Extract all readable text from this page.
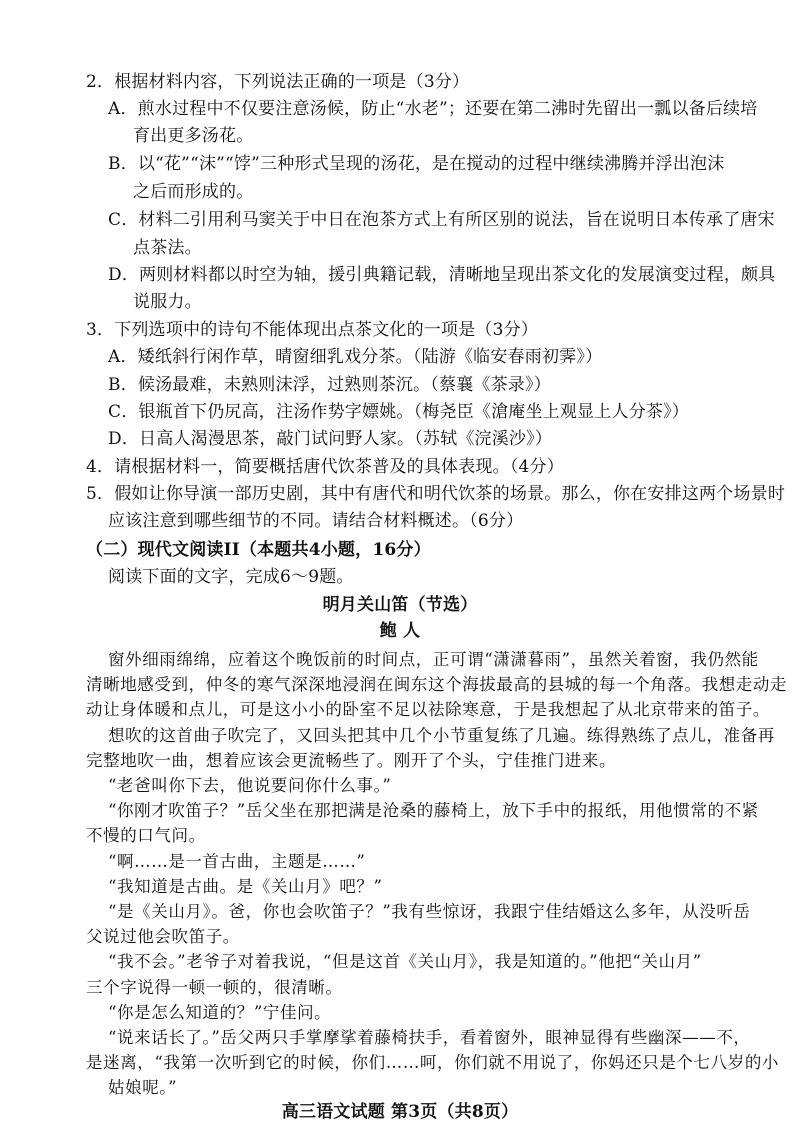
2．根据材料内容，下列说法正确的一项是（3分）
A．煎水过程中不仅要注意汤候，防止“水老”；还要在第二沸时先留出一瓢以备后续培
育出更多汤花。
B．以“花”“沫”“饽”三种形式呈现的汤花，是在搅动的过程中继续沸腾并浮出泡沫
之后而形成的。
C．材料二引用利马窦关于中日在泡茶方式上有所区别的说法，旨在说明日本传承了唐宋
点茶法。
D．两则材料都以时空为轴，援引典籍记载，清晰地呈现出茶文化的发展演变过程，颇具
说服力。
3．下列选项中的诗句不能体现出点茶文化的一项是（3分）
A．矮纸斜行闲作草，晴窗细乳戏分茶。（陆游《临安春雨初霁》）
B．候汤最难，未熟则沫浮，过熟则茶沉。（蔡襄《茶录》）
C．银瓶首下仍尻高，注汤作势字嫖姚。（梅尧臣《滄庵坐上观显上人分茶》）
D．日高人渴漫思茶，敲门试问野人家。（苏轼《浣溪沙》）
4．请根据材料一，简要概括唐代饮茶普及的具体表现。（4分）
5．假如让你导演一部历史剧，其中有唐代和明代饮茶的场景。那么，你在安排这两个场景时
应该注意到哪些细节的不同。请结合材料概述。（6分）
（二）现代文阅读II（本题共4小题，16分）
阅读下面的文字，完成6～9题。
明月关山笛（节选）
鲍 人
窗外细雨绵绵，应着这个晚饭前的时间点，正可谓“潇潇暮雨”，虽然关着窗，我仍然能
清晰地感受到，仲冬的寒气深深地浸润在闽东这个海拔最高的县城的每一个角落。我想走动走
动让身体暖和点儿，可是这小小的卧室不足以祛除寒意，于是我想起了从北京带来的笛子。
想吹的这首曲子吹完了，又回头把其中几个小节重复练了几遍。练得熟练了点儿，准备再
完整地吹一曲，想着应该会更流畅些了。刚开了个头，宁佳推门进来。
“老爸叫你下去，他说要问你什么事。”
“你刚才吹笛子？”岳父坐在那把满是沧桑的藤椅上，放下手中的报纸，用他惯常的不紧
不慢的口气问。
“啊……是一首古曲，主题是……”
“我知道是古曲。是《关山月》吧？”
“是《关山月》。爸，你也会吹笛子？”我有些惊讶，我跟宁佳结婚这么多年，从没听岳
父说过他会吹笛子。
“我不会。”老爷子对着我说，“但是这首《关山月》，我是知道的。”他把“关山月”
三个字说得一顿一顿的，很清晰。
“你是怎么知道的？”宁佳问。
“说来话长了。”岳父两只手掌摩挲着藤椅扶手，看着窗外，眼神显得有些幽深——不，
高三语文试题 第3页（共8页）
是迷离，“我第一次听到它的时候，你们……呵，你们就不用说了，你妈还只是个七八岁的小
姑娘呢。”
